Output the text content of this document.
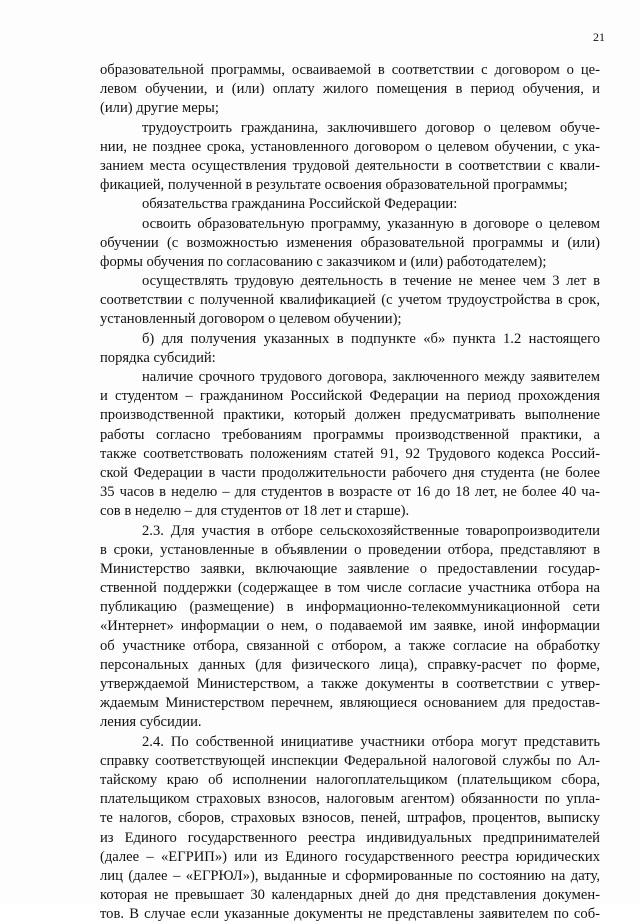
21
образовательной программы, осваиваемой в соответствии с договором о це-
левом обучении, и (или) оплату жилого помещения в период обучения, и
(или) другие меры;
трудоустроить гражданина, заключившего договор о целевом обуче-
нии, не позднее срока, установленного договором о целевом обучении, с ука-
занием места осуществления трудовой деятельности в соответствии с квали-
фикацией, полученной в результате освоения образовательной программы;
обязательства гражданина Российской Федерации:
освоить образовательную программу, указанную в договоре о целевом
обучении (с возможностью изменения образовательной программы и (или)
формы обучения по согласованию с заказчиком и (или) работодателем);
осуществлять трудовую деятельность в течение не менее чем 3 лет в
соответствии с полученной квалификацией (с учетом трудоустройства в срок,
установленный договором о целевом обучении);
б) для получения указанных в подпункте «б» пункта 1.2 настоящего
порядка субсидий:
наличие срочного трудового договора, заключенного между заявителем
и студентом – гражданином Российской Федерации на период прохождения
производственной практики, который должен предусматривать выполнение
работы согласно требованиям программы производственной практики, а
также соответствовать положениям статей 91, 92 Трудового кодекса Россий-
ской Федерации в части продолжительности рабочего дня студента (не более
35 часов в неделю – для студентов в возрасте от 16 до 18 лет, не более 40 ча-
сов в неделю – для студентов от 18 лет и старше).
2.3. Для участия в отборе сельскохозяйственные товаропроизводители
в сроки, установленные в объявлении о проведении отбора, представляют в
Министерство заявки, включающие заявление о предоставлении государ-
ственной поддержки (содержащее в том числе согласие участника отбора на
публикацию (размещение) в информационно-телекоммуникационной сети
«Интернет» информации о нем, о подаваемой им заявке, иной информации
об участнике отбора, связанной с отбором, а также согласие на обработку
персональных данных (для физического лица), справку-расчет по форме,
утверждаемой Министерством, а также документы в соответствии с утвер-
ждаемым Министерством перечнем, являющиеся основанием для предостав-
ления субсидии.
2.4. По собственной инициативе участники отбора могут представить
справку соответствующей инспекции Федеральной налоговой службы по Ал-
тайскому краю об исполнении налогоплательщиком (плательщиком сбора,
плательщиком страховых взносов, налоговым агентом) обязанности по упла-
те налогов, сборов, страховых взносов, пеней, штрафов, процентов, выписку
из Единого государственного реестра индивидуальных предпринимателей
(далее – «ЕГРИП») или из Единого государственного реестра юридических
лиц (далее – «ЕГРЮЛ»), выданные и сформированные по состоянию на дату,
которая не превышает 30 календарных дней до дня представления докумен-
тов. В случае если указанные документы не представлены заявителем по соб-
